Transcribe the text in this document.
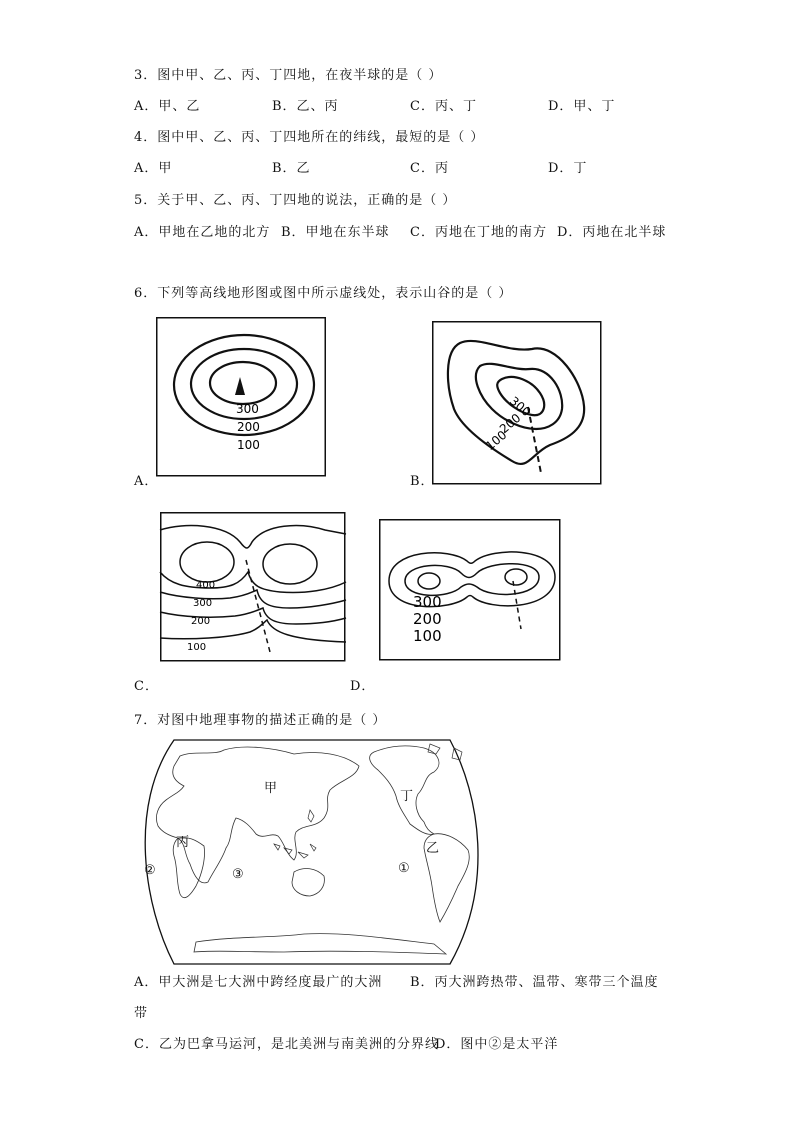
3．图中甲、乙、丙、丁四地，在夜半球的是（ ）
A．甲、乙	B．乙、丙	C．丙、丁	D．甲、丁
4．图中甲、乙、丙、丁四地所在的纬线，最短的是（ ）
A．甲	B．乙	C．丙	D．丁
5．关于甲、乙、丙、丁四地的说法，正确的是（ ）
A．甲地在乙地的北方 B．甲地在东半球 C．丙地在丁地的南方 D．丙地在北半球
6．下列等高线地形图或图中所示虚线处，表示山谷的是（ ）
300
200
100
A．
300
200
100
B．
400
300
200
100
C．
300
200
100
D．
7．对图中地理事物的描述正确的是（ ）
甲
丁
丙	乙
②	③	①
A．甲大洲是七大洲中跨经度最广的大洲 B．丙大洲跨热带、温带、寒带三个温度
带
C．乙为巴拿马运河，是北美洲与南美洲的分界线
D．图中②是太平洋
